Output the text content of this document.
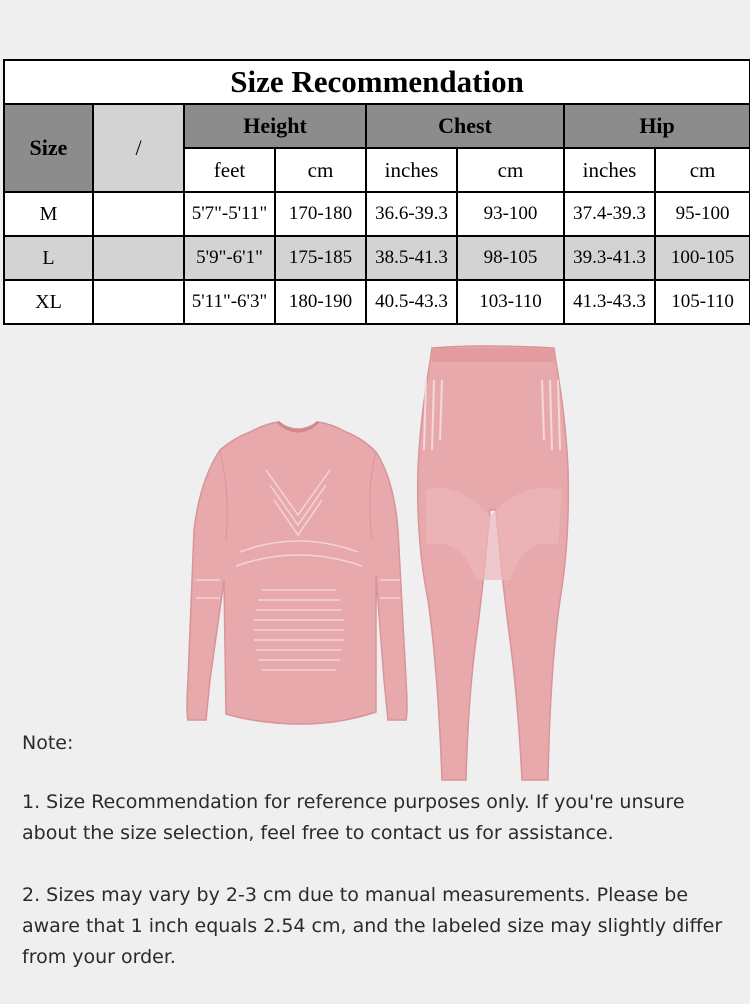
Size Recommendation							
Size	/	Height		Chest		Hip	
		feet	cm	inches	cm	inches	cm
M		5'7"-5'11"	170-180	36.6-39.3	93-100	37.4-39.3	95-100
L		5'9"-6'1"	175-185	38.5-41.3	98-105	39.3-41.3	100-105
XL		5'11"-6'3"	180-190	40.5-43.3	103-110	41.3-43.3	105-110

Note:

1. Size Recommendation for reference purposes only. If you're unsure about the size selection, feel free to contact us for assistance.

2. Sizes may vary by 2-3 cm due to manual measurements. Please be aware that 1 inch equals 2.54 cm, and the labeled size may slightly differ from your order.
